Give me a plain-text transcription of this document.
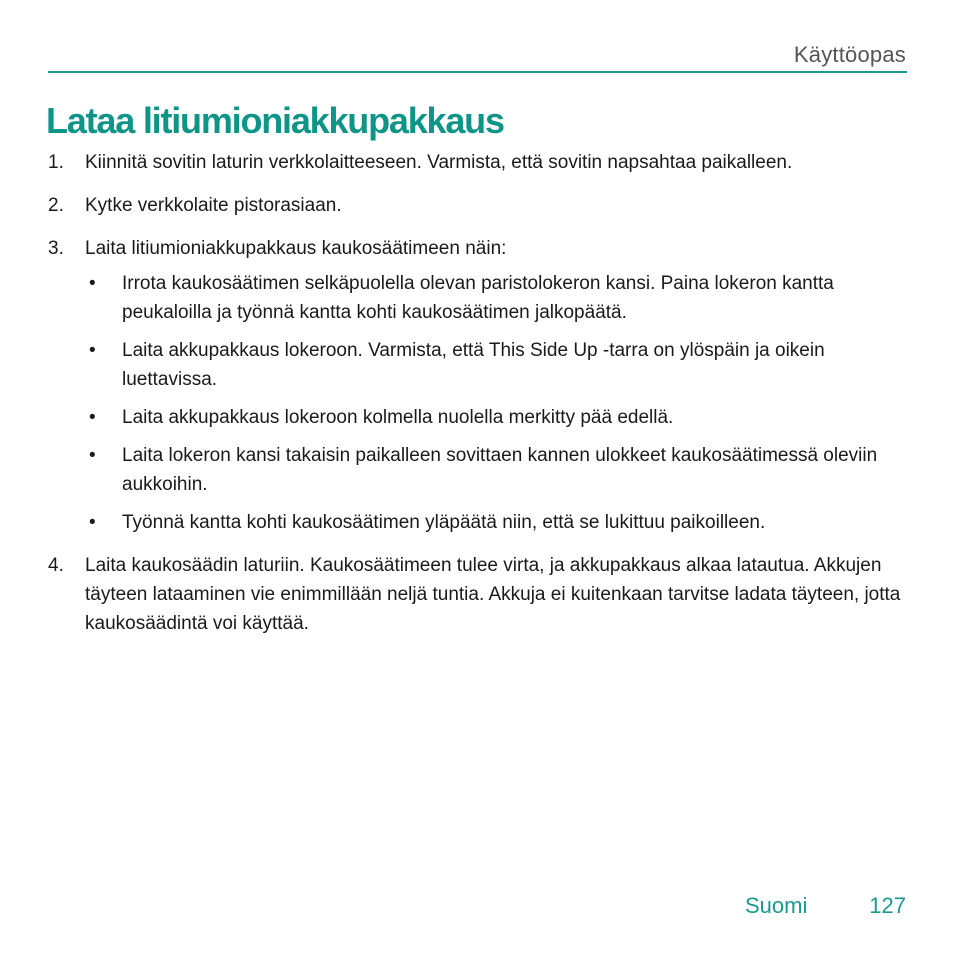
Käyttöopas
Lataa litiumioniakkupakkaus
1. Kiinnitä sovitin laturin verkkolaitteeseen. Varmista, että sovitin napsahtaa paikalleen.
2. Kytke verkkolaite pistorasiaan.
3. Laita litiumioniakkupakkaus kaukosäätimeen näin:
• Irrota kaukosäätimen selkäpuolella olevan paristolokeron kansi. Paina lokeron kantta peukaloilla ja työnnä kantta kohti kaukosäätimen jalkopäätä.
• Laita akkupakkaus lokeroon. Varmista, että This Side Up -tarra on ylöspäin ja oikein luettavissa.
• Laita akkupakkaus lokeroon kolmella nuolella merkitty pää edellä.
• Laita lokeron kansi takaisin paikalleen sovittaen kannen ulokkeet kaukosäätimessä oleviin aukkoihin.
• Työnnä kantta kohti kaukosäätimen yläpäätä niin, että se lukittuu paikoilleen.
4. Laita kaukosäädin laturiin. Kaukosäätimeen tulee virta, ja akkupakkaus alkaa latautua. Akkujen täyteen lataaminen vie enimmillään neljä tuntia. Akkuja ei kuitenkaan tarvitse ladata täyteen, jotta kaukosäädintä voi käyttää.
Suomi	127
